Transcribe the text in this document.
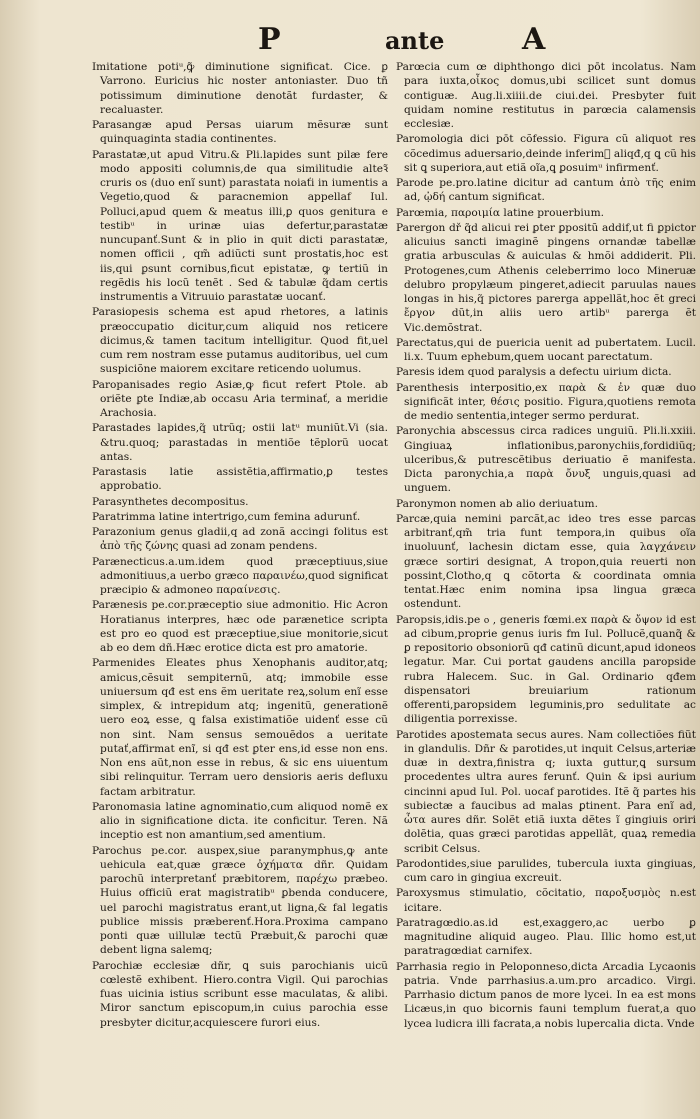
P	ante	A

Imitatione potiᵘ,ꝙ̃ diminutione significat. Cice. ꝑ Varrono. Euricius hic noster antoniaster. Duo tñ potissimum diminutione denotãt furdaster, & recaluaster.

Parasangæ apud Persas uiarum mẽsuræ sunt quinquaginta stadia continentes.

Parastatæ,ut apud Vitru.& Pli.lapides sunt pilæ fere modo appositi columnis,de qua similitudie alteꝛ̃ cruris os (duo enĩ sunt) parastata noiaťi in iumentis a Vegetio,quod & paracnemion appellaf Iul. Polluci,apud quem & meatus illi,ꝑ quos genitura e testibᵘ in urinæ uias defertur,parastatæ nuncupanť.Sunt & in plio in quit dicti parastatæ, nomen officii , qm̃ adiũcti sunt prostatis,hoc est iis,qui ꝑsunt cornibus,ficut epistatæ, ꝙ tertiũ in regẽdis his locũ tenẽt . Sed & tabulæ q̃dam certis instrumentis a Vitruuio parastatæ uocanť.

Parasiopesis schema est apud rhetores, a latinis præoccupatio dicitur,cum aliquid nos reticere dicimus,& tamen tacitum intelligitur. Quod fit,uel cum rem nostram esse putamus auditoribus, uel cum suspiciõne maiorem excitare reticendo uolumus.

Paropanisades regio Asiæ,ꝙ ficut refert Ptole. ab oriẽte ꝑte Indiæ,ab occasu Aria terminať, a meridie Arachosia.

Parastades lapides,q̃ utrũq; ostii latᵘ muniũt.Vi (sia. &tru.quoq; parastadas in mentiõe tẽplorũ uocat antas.

Parastasis latie assistẽtia,affirmatio,ꝑ testes approbatio.

Parasynthetes decompositus.

Paratrimma latine intertrigo,cum femina adurunť.

Parazonium genus gladii,q ad zonã accingi folitus est ἀπὸ τῆς ζώνης quasi ad zonam pendens.

Parænecticus.a.um.idem quod præceptiuus,siue admonitiuus,a uerbo græco παραινέω,quod significat præcipio & admoneo παραίνεσις.

Parænesis pe.cor.præceptio siue admonitio. Hic Acron Horatianus interpres, hæc ode parænetice scripta est pro eo quod est præceptiue,siue monitorie,sicut ab eo dem dñ.Hæc erotice dicta est pro amatorie.

Parmenides Eleates phus Xenophanis auditor,atq; amicus,cẽsuit sempiternũ, atq; immobile esse uniuersum qđ est ens ẽm ueritate reꝝ,solum enĩ esse simplex, & intrepidum atq; ingenitũ, generationẽ uero eoꝝ esse, ꝗ falsa existimatiõe uidenť esse cũ non sint. Nam sensus semouẽdos a ueritate putať,affirmat enĩ, si qđ est ꝑter ens,id esse non ens. Non ens aũt,non esse in rebus, & sic ens uiuentum sibi relinquitur. Terram uero densioris aeris defluxu factam arbitratur.

Paronomasia latine agnominatio,cum aliquod nomẽ ex alio in significatione dicta. ite conficitur. Teren. Nã inceptio est non amantium,sed amentium.

Parochus pe.cor. auspex,siue paranymphus,ꝙ ante uehicula eat,quæ græce ὀχήματα dñr. Quidam parochũ interpretanť præbitorem, παρέχω præbeo. Huius officiũ erat magistratibᵘ ꝑbenda conducere, uel parochi magistratus erant,ut ligna,& fal legatis publice missis præberenť.Hora.Proxima campano ponti quæ uillulæ tectũ Præbuit,& parochi quæ debent ligna salemq;

Parochiæ ecclesiæ dñr, ꝗ suis parochianis uicũ cœlestẽ exhibent. Hiero.contra Vigil. Qui parochias fuas uicinia istius scribunt esse maculatas, & alibi. Miror sanctum episcopum,in cuius parochia esse presbyter dicitur,acquiescere furori eius.

Parœcia cum œ diphthongo dici pōt incolatus. Nam para iuxta,οἶκος domus,ubi scilicet sunt domus contiguæ. Aug.li.xiiii.de ciui.dei. Presbyter fuit quidam nomine restitutus in parœcia calamensis ecclesiæ.

Paromologia dici pōt cõfessio. Figura cũ aliquot res cõcedimus aduersario,deinde inferim᷑ aliqđ,q ꝗ cũ his sit ꝗ superiora,aut etiã oĩa,ꝗ ꝑosuimᵘ infirmenť.

Parode pe.pro.latine dicitur ad cantum ἀπὸ τῆς enim ad, ᾠδή cantum significat.

Parœmia, παροιμία latine prouerbium.

Parergon dř q̃d alicui rei ꝑter ꝑpositũ addif,ut fi ꝑpictor alicuius sancti imaginẽ pingens ornandæ tabellæ gratia arbusculas & auiculas & hmõi addiderit. Pli. Protogenes,cum Athenis celeberrimo loco Mineruæ delubro propylæum pingeret,adiecit paruulas naues longas in his,q̃ pictores parerga appellãt,hoc ẽt greci ἔργον dũt,in aliis uero artibᵘ parerga ẽt Vic.demõstrat.

Parectatus,qui de puericia uenit ad pubertatem. Lucil. li.x. Tuum ephebum,quem uocant parectatum.

Paresis idem quod paralysis a defectu uirium dicta.

Parenthesis interpositio,ex παρὰ & ἐν quæ duo significãt inter, θέσις positio. Figura,quotiens remota de medio sententia,integer sermo perdurat.

Paronychia abscessus circa radices unguiũ. Pli.li.xxiii. Gingiuaꝝ inflationibus,paronychiis,fordidiũq; ulceribus,& putrescẽtibus deriuatio ẽ manifesta. Dicta paronychia,a παρὰ ὄνυξ unguis,quasi ad unguem.

Paronymon nomen ab alio deriuatum.

Parcæ,quia nemini parcãt,ac ideo tres esse parcas arbitranť,qm̃ tria funt tempora,in quibus oĩa inuoluunť, lachesin dictam esse, quia λαγχάνειν græce sortiri designat, A tropon,quia reuerti non possint,Clotho,q ꝗ cõtorta & coordinata omnia tentat.Hæc enim nomina ipsa lingua græca ostendunt.

Paropsis,idis.pe ⲟ , generis fœmi.ex παρὰ & ὄψον id est ad cibum,proprie genus iuris fm Iul. Pollucẽ,quanq̃ & ꝑ repositorio obsoniorũ qđ catinũ dicunt,apud idoneos legatur. Mar. Cui portat gaudens ancilla paropside rubra Halecem. Suc. in Gal. Ordinario qđem dispensatori breuiarium rationum offerenti,paropsidem leguminis,pro sedulitate ac diligentia porrexisse.

Parotides apostemata secus aures. Nam collectiões fiũt in glandulis. Dñr & parotides,ut inquit Celsus,arteriæ duæ in dextra,finistra q; iuxta guttur,ꝗ sursum procedentes ultra aures ferunť. Quin & ipsi aurium cincinni apud Iul. Pol. uocaf parotides. Itẽ q̃ partes his subiectæ a faucibus ad malas ꝑtinent. Para enĩ ad, ὦτα aures dñr. Solẽt etiã iuxta dẽtes ĩ gingiuis oriri dolẽtia, quas græci parotidas appellãt, quaꝝ remedia scribit Celsus.

Parodontides,siue parulides, tubercula iuxta gingiuas, cum caro in gingiua excreuit.

Paroxysmus stimulatio, cõcitatio, παροξυσμὸς n.est icitare.

Paratragœdio.as.id est,exaggero,ac uerbo ꝑ magnitudine aliquid augeo. Plau. Illic homo est,ut paratragœdiat carnifex.

Parrhasia regio in Peloponneso,dicta Arcadia Lycaonis patria. Vnde parrhasius.a.um.pro arcadico. Virgi. Parrhasio dictum panos de more lycei. In ea est mons Licæus,in quo bicornis fauni templum fuerat,a quo lycea ludicra illi facrata,a nobis lupercalia dicta. Vnde
